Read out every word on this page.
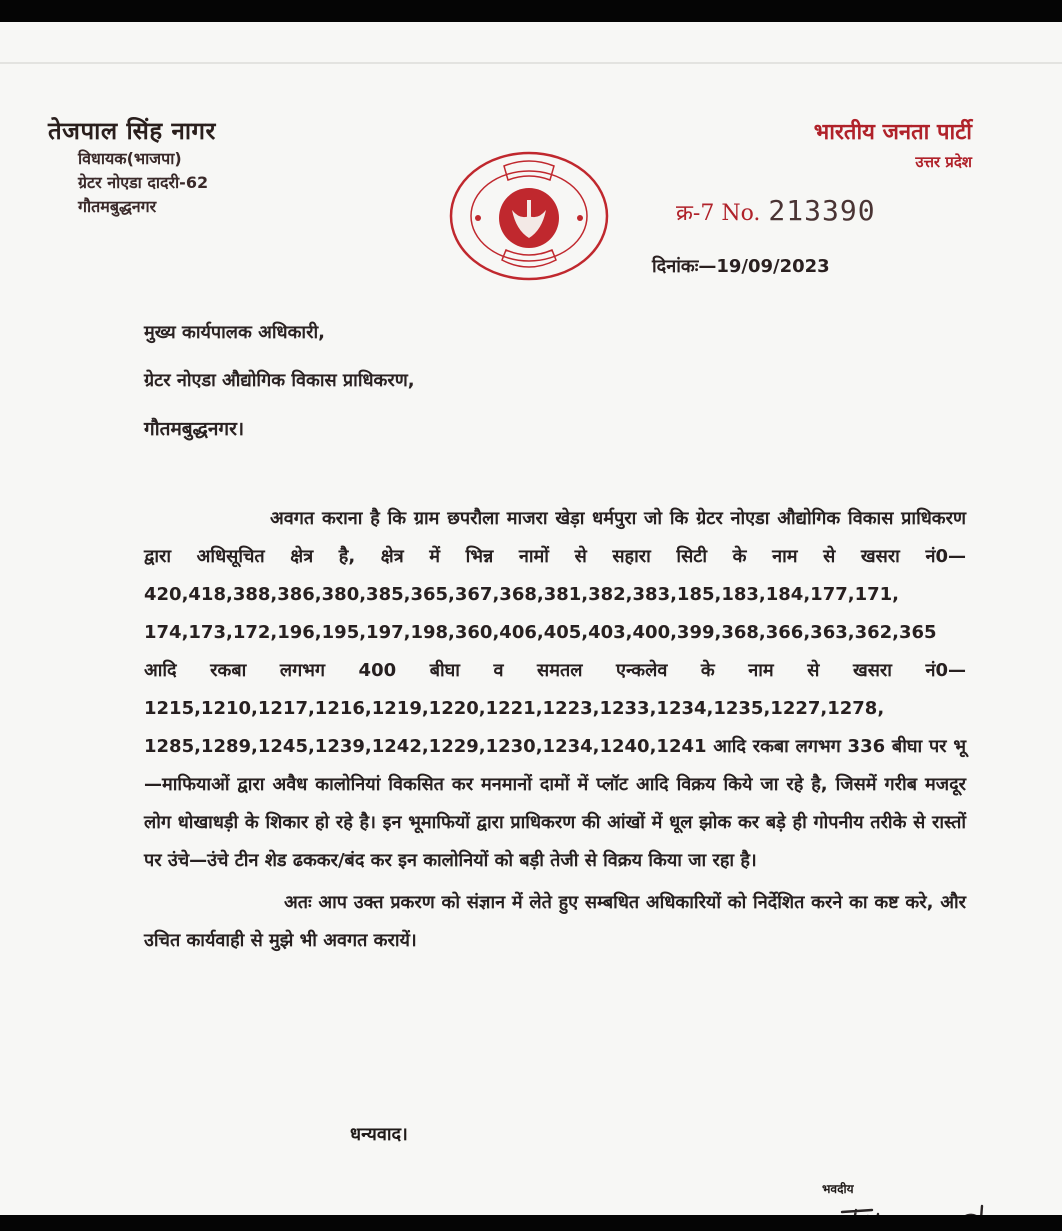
तेजपाल सिंह नागर
विधायक(भाजपा)
ग्रेटर नोएडा दादरी-62
गौतमबुद्धनगर
भारतीय जनता पार्टी
उत्तर प्रदेश
क्र-7 No. 213390
दिनांकः—19/09/2023
मुख्य कार्यपालक अधिकारी,
ग्रेटर नोएडा औद्योगिक विकास प्राधिकरण,
गौतमबुद्धनगर।

अवगत कराना है कि ग्राम छपरौला माजरा खेड़ा धर्मपुरा जो कि ग्रेटर नोएडा औद्योगिक विकास प्राधिकरण द्वारा अधिसूचित क्षेत्र है, क्षेत्र में भिन्न नामों से सहारा सिटी के नाम से खसरा नं0—420,418,388,386,380,385,365,367,368,381,382,383,185,183,184,177,171, 174,173,172,196,195,197,198,360,406,405,403,400,399,368,366,363,362,365 आदि रकबा लगभग 400 बीघा व समतल एन्कलेव के नाम से खसरा नं0—1215,1210,1217,1216,1219,1220,1221,1223,1233,1234,1235,1227,1278, 1285,1289,1245,1239,1242,1229,1230,1234,1240,1241 आदि रकबा लगभग 336 बीघा पर भू—माफियाओं द्वारा अवैध कालोनियां विकसित कर मनमानों दामों में प्लॉट आदि विक्रय किये जा रहे है, जिसमें गरीब मजदूर लोग धोखाधड़ी के शिकार हो रहे है। इन भूमाफियों द्वारा प्राधिकरण की आंखों में धूल झोक कर बड़े ही गोपनीय तरीके से रास्तों पर उंचे—उंचे टीन शेड ढककर/बंद कर इन कालोनियों को बड़ी तेजी से विक्रय किया जा रहा है।

अतः आप उक्त प्रकरण को संज्ञान में लेते हुए सम्बधित अधिकारियों को निर्देशित करने का कष्ट करे, और उचित कार्यवाही से मुझे भी अवगत करायें।

धन्यवाद।
भवदीय
